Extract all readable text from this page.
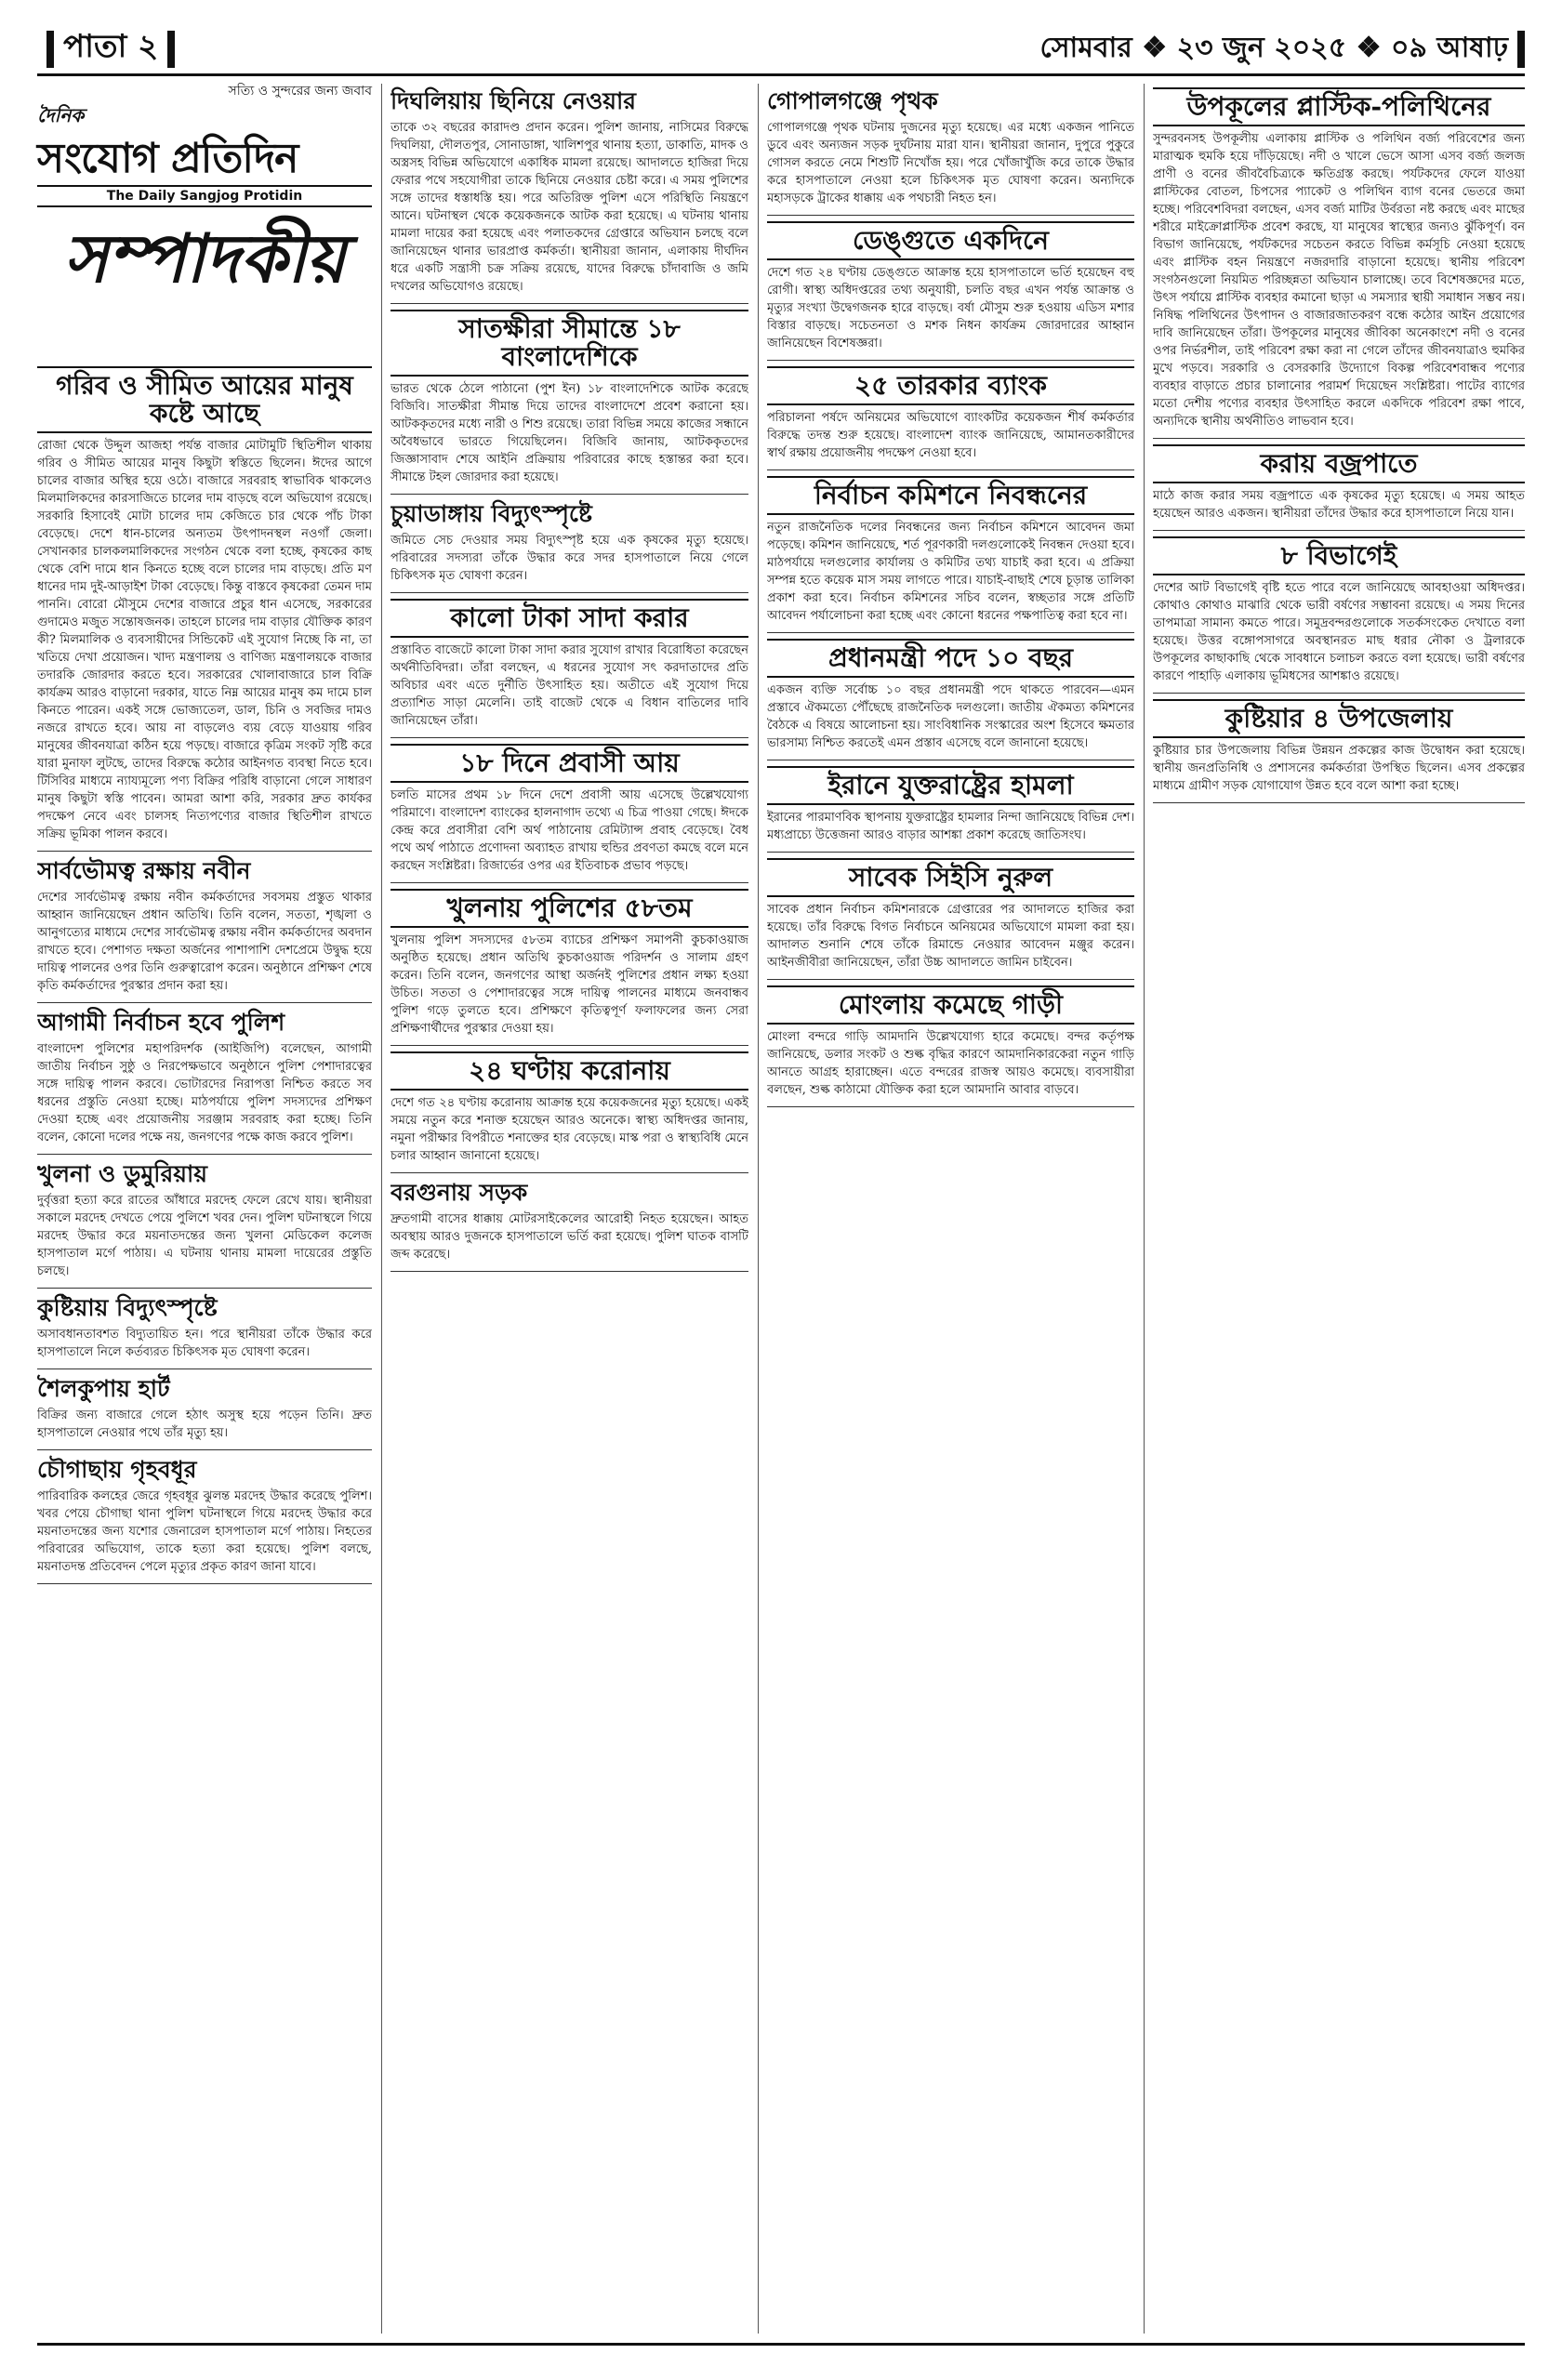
পাতা ২	সোমবার ❖ ২৩ জুন ২০২৫ ❖ ০৯ আষাঢ়
সত্যি ও সুন্দরের জন্য জবাব
দৈনিক
সংযোগ প্রতিদিন
The Daily Sangjog Protidin
সম্পাদকীয়
গরিব ও সীমিত আয়ের মানুষ কষ্টে আছে
রোজা থেকে উদ্দুল আজহা পর্যন্ত বাজার মোটামুটি স্থিতিশীল থাকায় গরিব ও সীমিত আয়ের মানুষ কিছুটা স্বস্তিতে ছিলেন। ঈদের আগে চালের বাজার অস্থির হয়ে ওঠে। বাজারে সরবরাহ স্বাভাবিক থাকলেও মিলমালিকদের কারসাজিতে চালের দাম বাড়ছে বলে অভিযোগ রয়েছে। সরকারি হিসাবেই মোটা চালের দাম কেজিতে চার থেকে পাঁচ টাকা বেড়েছে। দেশে ধান-চালের অন্যতম উৎপাদনস্থল নওগাঁ জেলা। সেখানকার চালকলমালিকদের সংগঠন থেকে বলা হচ্ছে, কৃষকের কাছ থেকে বেশি দামে ধান কিনতে হচ্ছে বলে চালের দাম বাড়ছে। প্রতি মণ ধানের দাম দুই-আড়াইশ টাকা বেড়েছে। কিন্তু বাস্তবে কৃষকেরা তেমন দাম পাননি। বোরো মৌসুমে দেশের বাজারে প্রচুর ধান এসেছে, সরকারের গুদামেও মজুত সন্তোষজনক। তাহলে চালের দাম বাড়ার যৌক্তিক কারণ কী? মিলমালিক ও ব্যবসায়ীদের সিন্ডিকেট এই সুযোগ নিচ্ছে কি না, তা খতিয়ে দেখা প্রয়োজন। খাদ্য মন্ত্রণালয় ও বাণিজ্য মন্ত্রণালয়কে বাজার তদারকি জোরদার করতে হবে। সরকারের খোলাবাজারে চাল বিক্রি কার্যক্রম আরও বাড়ানো দরকার, যাতে নিম্ন আয়ের মানুষ কম দামে চাল কিনতে পারেন। একই সঙ্গে ভোজ্যতেল, ডাল, চিনি ও সবজির দামও নজরে রাখতে হবে। আয় না বাড়লেও ব্যয় বেড়ে যাওয়ায় গরিব মানুষের জীবনযাত্রা কঠিন হয়ে পড়ছে। বাজারে কৃত্রিম সংকট সৃষ্টি করে যারা মুনাফা লুটছে, তাদের বিরুদ্ধে কঠোর আইনগত ব্যবস্থা নিতে হবে। টিসিবির মাধ্যমে ন্যায্যমূল্যে পণ্য বিক্রির পরিধি বাড়ানো গেলে সাধারণ মানুষ কিছুটা স্বস্তি পাবেন। আমরা আশা করি, সরকার দ্রুত কার্যকর পদক্ষেপ নেবে এবং চালসহ নিত্যপণ্যের বাজার স্থিতিশীল রাখতে সক্রিয় ভূমিকা পালন করবে।
সার্বভৌমত্ব রক্ষায় নবীন
দেশের সার্বভৌমত্ব রক্ষায় নবীন কর্মকর্তাদের সবসময় প্রস্তুত থাকার আহ্বান জানিয়েছেন প্রধান অতিথি। তিনি বলেন, সততা, শৃঙ্খলা ও আনুগত্যের মাধ্যমে দেশের সার্বভৌমত্ব রক্ষায় নবীন কর্মকর্তাদের অবদান রাখতে হবে। পেশাগত দক্ষতা অর্জনের পাশাপাশি দেশপ্রেমে উদ্বুদ্ধ হয়ে দায়িত্ব পালনের ওপর তিনি গুরুত্বারোপ করেন। অনুষ্ঠানে প্রশিক্ষণ শেষে কৃতি কর্মকর্তাদের পুরস্কার প্রদান করা হয়।
আগামী নির্বাচন হবে পুলিশ
বাংলাদেশ পুলিশের মহাপরিদর্শক (আইজিপি) বলেছেন, আগামী জাতীয় নির্বাচন সুষ্ঠু ও নিরপেক্ষভাবে অনুষ্ঠানে পুলিশ পেশাদারত্বের সঙ্গে দায়িত্ব পালন করবে। ভোটারদের নিরাপত্তা নিশ্চিত করতে সব ধরনের প্রস্তুতি নেওয়া হচ্ছে। মাঠপর্যায়ে পুলিশ সদস্যদের প্রশিক্ষণ দেওয়া হচ্ছে এবং প্রয়োজনীয় সরঞ্জাম সরবরাহ করা হচ্ছে। তিনি বলেন, কোনো দলের পক্ষে নয়, জনগণের পক্ষে কাজ করবে পুলিশ।
খুলনা ও ডুমুরিয়ায়
দুর্বৃত্তরা হত্যা করে রাতের আঁধারে মরদেহ ফেলে রেখে যায়। স্থানীয়রা সকালে মরদেহ দেখতে পেয়ে পুলিশে খবর দেন। পুলিশ ঘটনাস্থলে গিয়ে মরদেহ উদ্ধার করে ময়নাতদন্তের জন্য খুলনা মেডিকেল কলেজ হাসপাতাল মর্গে পাঠায়। এ ঘটনায় থানায় মামলা দায়েরের প্রস্তুতি চলছে।
কুষ্টিয়ায় বিদ্যুৎস্পৃষ্টে
অসাবধানতাবশত বিদ্যুতায়িত হন। পরে স্থানীয়রা তাঁকে উদ্ধার করে হাসপাতালে নিলে কর্তব্যরত চিকিৎসক মৃত ঘোষণা করেন।
শৈলকুপায় হার্ট
বিক্রির জন্য বাজারে গেলে হঠাৎ অসুস্থ হয়ে পড়েন তিনি। দ্রুত হাসপাতালে নেওয়ার পথে তাঁর মৃত্যু হয়।
চৌগাছায় গৃহবধূর
পারিবারিক কলহের জেরে গৃহবধূর ঝুলন্ত মরদেহ উদ্ধার করেছে পুলিশ। খবর পেয়ে চৌগাছা থানা পুলিশ ঘটনাস্থলে গিয়ে মরদেহ উদ্ধার করে ময়নাতদন্তের জন্য যশোর জেনারেল হাসপাতাল মর্গে পাঠায়। নিহতের পরিবারের অভিযোগ, তাকে হত্যা করা হয়েছে। পুলিশ বলছে, ময়নাতদন্ত প্রতিবেদন পেলে মৃত্যুর প্রকৃত কারণ জানা যাবে।
দিঘলিয়ায় ছিনিয়ে নেওয়ার
তাকে ৩২ বছরের কারাদণ্ড প্রদান করেন। পুলিশ জানায়, নাসিমের বিরুদ্ধে দিঘলিয়া, দৌলতপুর, সোনাডাঙ্গা, খালিশপুর থানায় হত্যা, ডাকাতি, মাদক ও অস্ত্রসহ বিভিন্ন অভিযোগে একাধিক মামলা রয়েছে। আদালতে হাজিরা দিয়ে ফেরার পথে সহযোগীরা তাকে ছিনিয়ে নেওয়ার চেষ্টা করে। এ সময় পুলিশের সঙ্গে তাদের ধস্তাধস্তি হয়। পরে অতিরিক্ত পুলিশ এসে পরিস্থিতি নিয়ন্ত্রণে আনে। ঘটনাস্থল থেকে কয়েকজনকে আটক করা হয়েছে। এ ঘটনায় থানায় মামলা দায়ের করা হয়েছে এবং পলাতকদের গ্রেপ্তারে অভিযান চলছে বলে জানিয়েছেন থানার ভারপ্রাপ্ত কর্মকর্তা। স্থানীয়রা জানান, এলাকায় দীর্ঘদিন ধরে একটি সন্ত্রাসী চক্র সক্রিয় রয়েছে, যাদের বিরুদ্ধে চাঁদাবাজি ও জমি দখলের অভিযোগও রয়েছে।
সাতক্ষীরা সীমান্তে ১৮ বাংলাদেশিকে
ভারত থেকে ঠেলে পাঠানো (পুশ ইন) ১৮ বাংলাদেশিকে আটক করেছে বিজিবি। সাতক্ষীরা সীমান্ত দিয়ে তাদের বাংলাদেশে প্রবেশ করানো হয়। আটককৃতদের মধ্যে নারী ও শিশু রয়েছে। তারা বিভিন্ন সময়ে কাজের সন্ধানে অবৈধভাবে ভারতে গিয়েছিলেন। বিজিবি জানায়, আটককৃতদের জিজ্ঞাসাবাদ শেষে আইনি প্রক্রিয়ায় পরিবারের কাছে হস্তান্তর করা হবে। সীমান্তে টহল জোরদার করা হয়েছে।
চুয়াডাঙ্গায় বিদ্যুৎস্পৃষ্টে
জমিতে সেচ দেওয়ার সময় বিদ্যুৎস্পৃষ্ট হয়ে এক কৃষকের মৃত্যু হয়েছে। পরিবারের সদস্যরা তাঁকে উদ্ধার করে সদর হাসপাতালে নিয়ে গেলে চিকিৎসক মৃত ঘোষণা করেন।
কালো টাকা সাদা করার
প্রস্তাবিত বাজেটে কালো টাকা সাদা করার সুযোগ রাখার বিরোধিতা করেছেন অর্থনীতিবিদরা। তাঁরা বলছেন, এ ধরনের সুযোগ সৎ করদাতাদের প্রতি অবিচার এবং এতে দুর্নীতি উৎসাহিত হয়। অতীতে এই সুযোগ দিয়ে প্রত্যাশিত সাড়া মেলেনি। তাই বাজেট থেকে এ বিধান বাতিলের দাবি জানিয়েছেন তাঁরা।
১৮ দিনে প্রবাসী আয়
চলতি মাসের প্রথম ১৮ দিনে দেশে প্রবাসী আয় এসেছে উল্লেখযোগ্য পরিমাণে। বাংলাদেশ ব্যাংকের হালনাগাদ তথ্যে এ চিত্র পাওয়া গেছে। ঈদকে কেন্দ্র করে প্রবাসীরা বেশি অর্থ পাঠানোয় রেমিট্যান্স প্রবাহ বেড়েছে। বৈধ পথে অর্থ পাঠাতে প্রণোদনা অব্যাহত রাখায় হুন্ডির প্রবণতা কমছে বলে মনে করছেন সংশ্লিষ্টরা। রিজার্ভের ওপর এর ইতিবাচক প্রভাব পড়ছে।
খুলনায় পুলিশের ৫৮তম
খুলনায় পুলিশ সদস্যদের ৫৮তম ব্যাচের প্রশিক্ষণ সমাপনী কুচকাওয়াজ অনুষ্ঠিত হয়েছে। প্রধান অতিথি কুচকাওয়াজ পরিদর্শন ও সালাম গ্রহণ করেন। তিনি বলেন, জনগণের আস্থা অর্জনই পুলিশের প্রধান লক্ষ্য হওয়া উচিত। সততা ও পেশাদারত্বের সঙ্গে দায়িত্ব পালনের মাধ্যমে জনবান্ধব পুলিশ গড়ে তুলতে হবে। প্রশিক্ষণে কৃতিত্বপূর্ণ ফলাফলের জন্য সেরা প্রশিক্ষণার্থীদের পুরস্কার দেওয়া হয়।
২৪ ঘণ্টায় করোনায়
দেশে গত ২৪ ঘণ্টায় করোনায় আক্রান্ত হয়ে কয়েকজনের মৃত্যু হয়েছে। একই সময়ে নতুন করে শনাক্ত হয়েছেন আরও অনেকে। স্বাস্থ্য অধিদপ্তর জানায়, নমুনা পরীক্ষার বিপরীতে শনাক্তের হার বেড়েছে। মাস্ক পরা ও স্বাস্থ্যবিধি মেনে চলার আহ্বান জানানো হয়েছে।
বরগুনায় সড়ক
দ্রুতগামী বাসের ধাক্কায় মোটরসাইকেলের আরোহী নিহত হয়েছেন। আহত অবস্থায় আরও দুজনকে হাসপাতালে ভর্তি করা হয়েছে। পুলিশ ঘাতক বাসটি জব্দ করেছে।
গোপালগঞ্জে পৃথক
গোপালগঞ্জে পৃথক ঘটনায় দুজনের মৃত্যু হয়েছে। এর মধ্যে একজন পানিতে ডুবে এবং অন্যজন সড়ক দুর্ঘটনায় মারা যান। স্থানীয়রা জানান, দুপুরে পুকুরে গোসল করতে নেমে শিশুটি নিখোঁজ হয়। পরে খোঁজাখুঁজি করে তাকে উদ্ধার করে হাসপাতালে নেওয়া হলে চিকিৎসক মৃত ঘোষণা করেন। অন্যদিকে মহাসড়কে ট্রাকের ধাক্কায় এক পথচারী নিহত হন।
ডেঙ্গুতে একদিনে
দেশে গত ২৪ ঘণ্টায় ডেঙ্গুতে আক্রান্ত হয়ে হাসপাতালে ভর্তি হয়েছেন বহু রোগী। স্বাস্থ্য অধিদপ্তরের তথ্য অনুযায়ী, চলতি বছর এখন পর্যন্ত আক্রান্ত ও মৃত্যুর সংখ্যা উদ্বেগজনক হারে বাড়ছে। বর্ষা মৌসুম শুরু হওয়ায় এডিস মশার বিস্তার বাড়ছে। সচেতনতা ও মশক নিধন কার্যক্রম জোরদারের আহ্বান জানিয়েছেন বিশেষজ্ঞরা।
২৫ তারকার ব্যাংক
পরিচালনা পর্ষদে অনিয়মের অভিযোগে ব্যাংকটির কয়েকজন শীর্ষ কর্মকর্তার বিরুদ্ধে তদন্ত শুরু হয়েছে। বাংলাদেশ ব্যাংক জানিয়েছে, আমানতকারীদের স্বার্থ রক্ষায় প্রয়োজনীয় পদক্ষেপ নেওয়া হবে।
নির্বাচন কমিশনে নিবন্ধনের
নতুন রাজনৈতিক দলের নিবন্ধনের জন্য নির্বাচন কমিশনে আবেদন জমা পড়েছে। কমিশন জানিয়েছে, শর্ত পূরণকারী দলগুলোকেই নিবন্ধন দেওয়া হবে। মাঠপর্যায়ে দলগুলোর কার্যালয় ও কমিটির তথ্য যাচাই করা হবে। এ প্রক্রিয়া সম্পন্ন হতে কয়েক মাস সময় লাগতে পারে। যাচাই-বাছাই শেষে চূড়ান্ত তালিকা প্রকাশ করা হবে। নির্বাচন কমিশনের সচিব বলেন, স্বচ্ছতার সঙ্গে প্রতিটি আবেদন পর্যালোচনা করা হচ্ছে এবং কোনো ধরনের পক্ষপাতিত্ব করা হবে না।
প্রধানমন্ত্রী পদে ১০ বছর
একজন ব্যক্তি সর্বোচ্চ ১০ বছর প্রধানমন্ত্রী পদে থাকতে পারবেন—এমন প্রস্তাবে ঐকমত্যে পৌঁছেছে রাজনৈতিক দলগুলো। জাতীয় ঐকমত্য কমিশনের বৈঠকে এ বিষয়ে আলোচনা হয়। সাংবিধানিক সংস্কারের অংশ হিসেবে ক্ষমতার ভারসাম্য নিশ্চিত করতেই এমন প্রস্তাব এসেছে বলে জানানো হয়েছে।
ইরানে যুক্তরাষ্ট্রের হামলা
ইরানের পারমাণবিক স্থাপনায় যুক্তরাষ্ট্রের হামলার নিন্দা জানিয়েছে বিভিন্ন দেশ। মধ্যপ্রাচ্যে উত্তেজনা আরও বাড়ার আশঙ্কা প্রকাশ করেছে জাতিসংঘ।
সাবেক সিইসি নুরুল
সাবেক প্রধান নির্বাচন কমিশনারকে গ্রেপ্তারের পর আদালতে হাজির করা হয়েছে। তাঁর বিরুদ্ধে বিগত নির্বাচনে অনিয়মের অভিযোগে মামলা করা হয়। আদালত শুনানি শেষে তাঁকে রিমান্ডে নেওয়ার আবেদন মঞ্জুর করেন। আইনজীবীরা জানিয়েছেন, তাঁরা উচ্চ আদালতে জামিন চাইবেন।
মোংলায় কমেছে গাড়ী
মোংলা বন্দরে গাড়ি আমদানি উল্লেখযোগ্য হারে কমেছে। বন্দর কর্তৃপক্ষ জানিয়েছে, ডলার সংকট ও শুল্ক বৃদ্ধির কারণে আমদানিকারকেরা নতুন গাড়ি আনতে আগ্রহ হারাচ্ছেন। এতে বন্দরের রাজস্ব আয়ও কমেছে। ব্যবসায়ীরা বলছেন, শুল্ক কাঠামো যৌক্তিক করা হলে আমদানি আবার বাড়বে।
উপকূলের প্লাস্টিক-পলিথিনের
সুন্দরবনসহ উপকূলীয় এলাকায় প্লাস্টিক ও পলিথিন বর্জ্য পরিবেশের জন্য মারাত্মক হুমকি হয়ে দাঁড়িয়েছে। নদী ও খালে ভেসে আসা এসব বর্জ্য জলজ প্রাণী ও বনের জীববৈচিত্র্যকে ক্ষতিগ্রস্ত করছে। পর্যটকদের ফেলে যাওয়া প্লাস্টিকের বোতল, চিপসের প্যাকেট ও পলিথিন ব্যাগ বনের ভেতরে জমা হচ্ছে। পরিবেশবিদরা বলছেন, এসব বর্জ্য মাটির উর্বরতা নষ্ট করছে এবং মাছের শরীরে মাইক্রোপ্লাস্টিক প্রবেশ করছে, যা মানুষের স্বাস্থ্যের জন্যও ঝুঁকিপূর্ণ। বন বিভাগ জানিয়েছে, পর্যটকদের সচেতন করতে বিভিন্ন কর্মসূচি নেওয়া হয়েছে এবং প্লাস্টিক বহন নিয়ন্ত্রণে নজরদারি বাড়ানো হয়েছে। স্থানীয় পরিবেশ সংগঠনগুলো নিয়মিত পরিচ্ছন্নতা অভিযান চালাচ্ছে। তবে বিশেষজ্ঞদের মতে, উৎস পর্যায়ে প্লাস্টিক ব্যবহার কমানো ছাড়া এ সমস্যার স্থায়ী সমাধান সম্ভব নয়। নিষিদ্ধ পলিথিনের উৎপাদন ও বাজারজাতকরণ বন্ধে কঠোর আইন প্রয়োগের দাবি জানিয়েছেন তাঁরা। উপকূলের মানুষের জীবিকা অনেকাংশে নদী ও বনের ওপর নির্ভরশীল, তাই পরিবেশ রক্ষা করা না গেলে তাঁদের জীবনযাত্রাও হুমকির মুখে পড়বে। সরকারি ও বেসরকারি উদ্যোগে বিকল্প পরিবেশবান্ধব পণ্যের ব্যবহার বাড়াতে প্রচার চালানোর পরামর্শ দিয়েছেন সংশ্লিষ্টরা। পাটের ব্যাগের মতো দেশীয় পণ্যের ব্যবহার উৎসাহিত করলে একদিকে পরিবেশ রক্ষা পাবে, অন্যদিকে স্থানীয় অর্থনীতিও লাভবান হবে।
করায় বজ্রপাতে
মাঠে কাজ করার সময় বজ্রপাতে এক কৃষকের মৃত্যু হয়েছে। এ সময় আহত হয়েছেন আরও একজন। স্থানীয়রা তাঁদের উদ্ধার করে হাসপাতালে নিয়ে যান।
৮ বিভাগেই
দেশের আট বিভাগেই বৃষ্টি হতে পারে বলে জানিয়েছে আবহাওয়া অধিদপ্তর। কোথাও কোথাও মাঝারি থেকে ভারী বর্ষণের সম্ভাবনা রয়েছে। এ সময় দিনের তাপমাত্রা সামান্য কমতে পারে। সমুদ্রবন্দরগুলোকে সতর্কসংকেত দেখাতে বলা হয়েছে। উত্তর বঙ্গোপসাগরে অবস্থানরত মাছ ধরার নৌকা ও ট্রলারকে উপকূলের কাছাকাছি থেকে সাবধানে চলাচল করতে বলা হয়েছে। ভারী বর্ষণের কারণে পাহাড়ি এলাকায় ভূমিধসের আশঙ্কাও রয়েছে।
কুষ্টিয়ার ৪ উপজেলায়
কুষ্টিয়ার চার উপজেলায় বিভিন্ন উন্নয়ন প্রকল্পের কাজ উদ্বোধন করা হয়েছে। স্থানীয় জনপ্রতিনিধি ও প্রশাসনের কর্মকর্তারা উপস্থিত ছিলেন। এসব প্রকল্পের মাধ্যমে গ্রামীণ সড়ক যোগাযোগ উন্নত হবে বলে আশা করা হচ্ছে।
